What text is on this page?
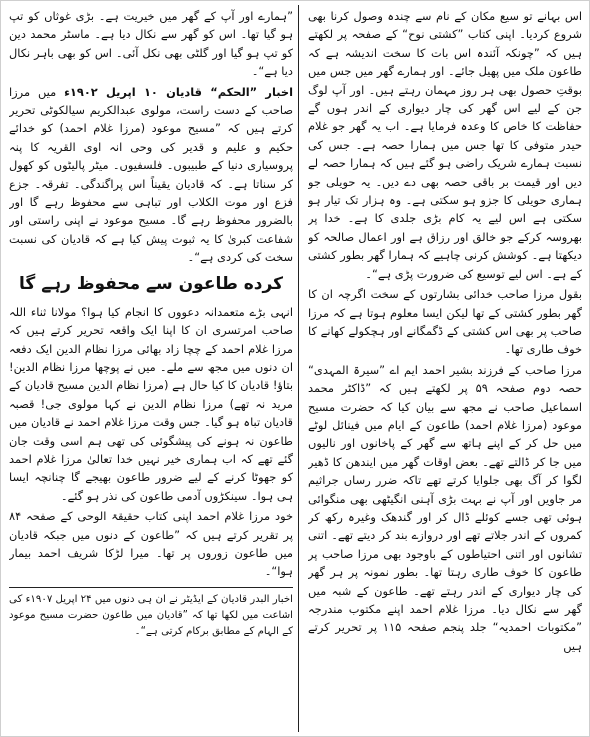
اس بہانے تو سیع مکان کے نام سے چندہ وصول کرنا بھی شروع کردیا۔ اپنی کتاب ”کشتی نوح“ کے صفحہ پر لکھتے ہیں کہ ”چونکہ آئندہ اس بات کا سخت اندیشہ ہے کہ طاعون ملک میں پھیل جائے۔ اور ہمارے گھر میں جس میں بوقتِ حصول بھی ہر روز مہمان رہتے ہیں۔ اور آپ لوگ جن کے لیے اس گھر کی چار دیواری کے اندر ہوں گے حفاظت کا خاص کا وعدہ فرمایا ہے۔ اب یہ گھر جو غلام حیدر متوفی کا تھا جس میں ہمارا حصہ ہے۔ جس کی نسبت ہمارے شریک راضی ہو گئے ہیں کہ ہمارا حصہ لے دیں اور قیمت بر باقی حصہ بھی دے دیں۔ یہ حویلی جو ہماری حویلی کا جزو ہو سکتی ہے۔ وہ ہزار تک تیار ہو سکتی ہے اس لیے یہ کام بڑی جلدی کا ہے۔ خدا پر بھروسہ کرکے جو خالق اور رزاق ہے اور اعمال صالحہ کو دیکھتا ہے۔ کوشش کرنی چاہیے کہ ہمارا گھر بطور کشتی کے ہے۔ اس لیے توسیع کی ضرورت پڑی ہے“۔

بقول مرزا صاحب خدائی بشارتوں کے سخت اگرچہ ان کا گھر بطور کشتی کے تھا لیکن ایسا معلوم ہوتا ہے کہ مرزا صاحب پر بھی اس کشتی کے ڈگمگانے اور ہچکولے کھانے کا خوف طاری تھا۔

مرزا صاحب کے فرزند بشیر احمد ایم اے ”سیرۃ المہدی“ حصہ دوم صفحہ ۵۹ پر لکھتے ہیں کہ ”ڈاکٹر محمد اسماعیل صاحب نے مجھ سے بیان کیا کہ حضرت مسیح موعود (مرزا غلام احمد) طاعون کے ایام میں فینائل لوٹے میں حل کر کے اپنے ہاتھ سے گھر کے پاخانوں اور نالیوں میں جا کر ڈالتے تھے۔ بعض اوقات گھر میں ایندھن کا ڈھیر لگوا کر آگ بھی جلوایا کرتے تھے تاکہ ضرر رساں جراثیم مر جاویں اور آپ نے بہت بڑی آہنی انگیٹھی بھی منگوائی ہوئی تھی جسے کوئلے ڈال کر اور گندھک وغیرہ رکھ کر کمروں کے اندر جلاتے تھے اور دروازے بند کر دیتے تھے۔ اتنی تشانوں اور اتنی احتیاطوں کے باوجود بھی مرزا صاحب پر طاعون کا خوف طاری رہتا تھا۔ بطور نمونہ پر ہر گھر کی چار دیواری کے اندر رہتے تھے۔ طاعون کے شبہ میں گھر سے نکال دیا۔ مرزا غلام احمد اپنے مکتوب مندرجہ ”مکتوبات احمدیہ“ جلد پنجم صفحہ ۱۱۵ پر تحریر کرتے ہیں

”ہمارے اور آپ کے گھر میں خیریت ہے۔ بڑی غوثاں کو تپ ہو گیا تھا۔ اس کو گھر سے نکال دیا ہے۔ ماسٹر محمد دین کو تپ ہو گیا اور گلٹی بھی نکل آئی۔ اس کو بھی باہر نکال دیا ہے“۔

اخبار ”الحکم“ قادیان ۱۰ اپریل ۱۹۰۲ء میں مرزا صاحب کے دست راست، مولوی عبدالکریم سیالکوٹی تحریر کرتے ہیں کہ ”مسیح موعود (مرزا غلام احمد) کو خدائے حکیم و علیم و قدیر کی وحی انہ اوی القریہ کا پنہ پروسیاری دنیا کے طبیبوں۔ فلسفیوں۔ میٹر پالیٹوں کو کھول کر سناتا ہے۔ کہ قادیان یقیناً اس پراگندگی۔ تفرقہ۔ جزع فزع اور موت الکلاب اور تباہی سے محفوظ رہے گا اور بالضرور محفوظ رہے گا۔ مسیح موعود نے اپنی راستی اور شفاعت کبریٰ کا یہ ثبوت پیش کیا ہے کہ قادیان کی نسبت سخت کی کردی ہے“۔

کرده طاعون سے محفوظ رہے گا

انہی بڑے متعمدانہ دعووں کا انجام کیا ہوا؟ مولانا ثناء اللہ صاحب امرتسری ان کا اپنا ایک واقعہ تحریر کرتے ہیں کہ مرزا غلام احمد کے چچا زاد بھائی مرزا نظام الدین ایک دفعہ ان دنوں میں مجھ سے ملے۔ میں نے پوچھا مرزا نظام الدین! بتاؤ! قادیان کا کیا حال ہے (مرزا نظام الدین مسیح قادیان کے مرید نہ تھے) مرزا نظام الدین نے کہا مولوی جی! قصبہ قادیان تباہ ہو گیا۔ جس وقت مرزا غلام احمد نے قادیان میں طاعون نہ ہونے کی پیشگوئی کی تھی ہم اسی وقت جان گئے تھے کہ اب ہماری خیر نہیں خدا تعالیٰ مرزا غلام احمد کو جھوٹا کرنے کے لیے ضرور طاعون بھیجے گا چنانچہ ایسا ہی ہوا۔ سینکڑوں آدمی طاعون کی نذر ہو گئے۔

خود مرزا غلام احمد اپنی کتاب حقیقۃ الوحی کے صفحہ ۸۴ پر تقریر کرتے ہیں کہ ”طاعون کے دنوں میں جبکہ قادیان میں طاعون زوروں پر تھا۔ میرا لڑکا شریف احمد بیمار ہوا“۔

اخبار البدر قادیان کے ایڈیٹر نے ان ہی دنوں میں ۲۴ اپریل ۱۹۰۷ء کی اشاعت میں لکھا تھا کہ ”قادیان میں طاعون حضرت مسیح موعود کے الہام کے مطابق برکام کرتی ہے“۔
